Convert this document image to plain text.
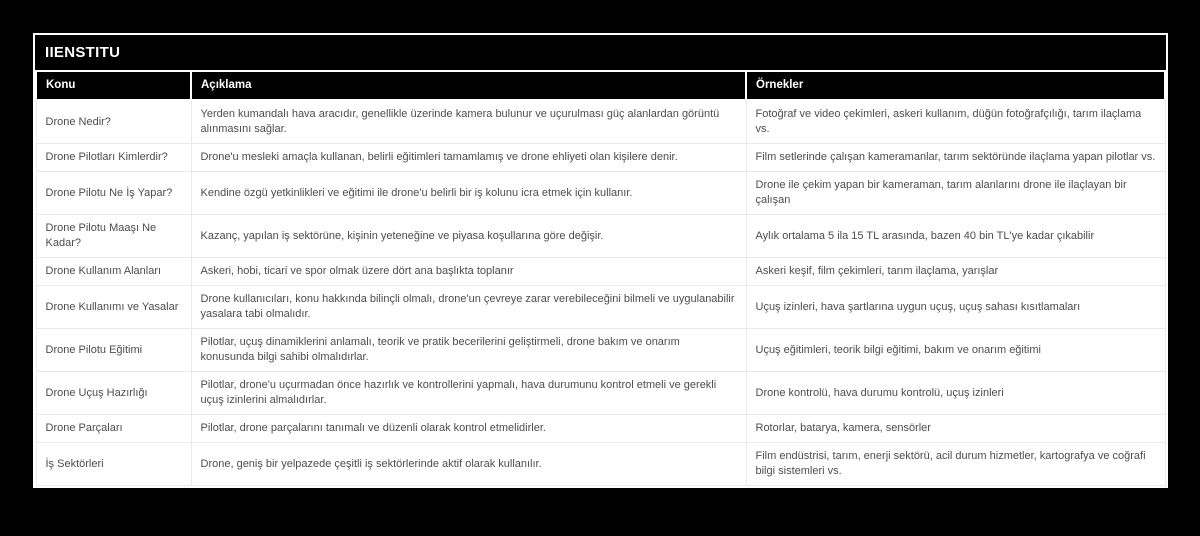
IIENSTITU
Konu	Açıklama	Örnekler
Drone Nedir?	Yerden kumandalı hava aracıdır, genellikle üzerinde kamera bulunur ve uçurulması güç alanlardan görüntü alınmasını sağlar.	Fotoğraf ve video çekimleri, askeri kullanım, düğün fotoğrafçılığı, tarım ilaçlama vs.
Drone Pilotları Kimlerdir?	Drone'u mesleki amaçla kullanan, belirli eğitimleri tamamlamış ve drone ehliyeti olan kişilere denir.	Film setlerinde çalışan kameramanlar, tarım sektöründe ilaçlama yapan pilotlar vs.
Drone Pilotu Ne İş Yapar?	Kendine özgü yetkinlikleri ve eğitimi ile drone'u belirli bir iş kolunu icra etmek için kullanır.	Drone ile çekim yapan bir kameraman, tarım alanlarını drone ile ilaçlayan bir çalışan
Drone Pilotu Maaşı Ne Kadar?	Kazanç, yapılan iş sektörüne, kişinin yeteneğine ve piyasa koşullarına göre değişir.	Aylık ortalama 5 ila 15 TL arasında, bazen 40 bin TL'ye kadar çıkabilir
Drone Kullanım Alanları	Askeri, hobi, ticari ve spor olmak üzere dört ana başlıkta toplanır	Askeri keşif, film çekimleri, tarım ilaçlama, yarışlar
Drone Kullanımı ve Yasalar	Drone kullanıcıları, konu hakkında bilinçli olmalı, drone'un çevreye zarar verebileceğini bilmeli ve uygulanabilir yasalara tabi olmalıdır.	Uçuş izinleri, hava şartlarına uygun uçuş, uçuş sahası kısıtlamaları
Drone Pilotu Eğitimi	Pilotlar, uçuş dinamiklerini anlamalı, teorik ve pratik becerilerini geliştirmeli, drone bakım ve onarım konusunda bilgi sahibi olmalıdırlar.	Uçuş eğitimleri, teorik bilgi eğitimi, bakım ve onarım eğitimi
Drone Uçuş Hazırlığı	Pilotlar, drone'u uçurmadan önce hazırlık ve kontrollerini yapmalı, hava durumunu kontrol etmeli ve gerekli uçuş izinlerini almalıdırlar.	Drone kontrolü, hava durumu kontrolü, uçuş izinleri
Drone Parçaları	Pilotlar, drone parçalarını tanımalı ve düzenli olarak kontrol etmelidirler.	Rotorlar, batarya, kamera, sensörler
İş Sektörleri	Drone, geniş bir yelpazede çeşitli iş sektörlerinde aktif olarak kullanılır.	Film endüstrisi, tarım, enerji sektörü, acil durum hizmetler, kartografya ve coğrafi bilgi sistemleri vs.
